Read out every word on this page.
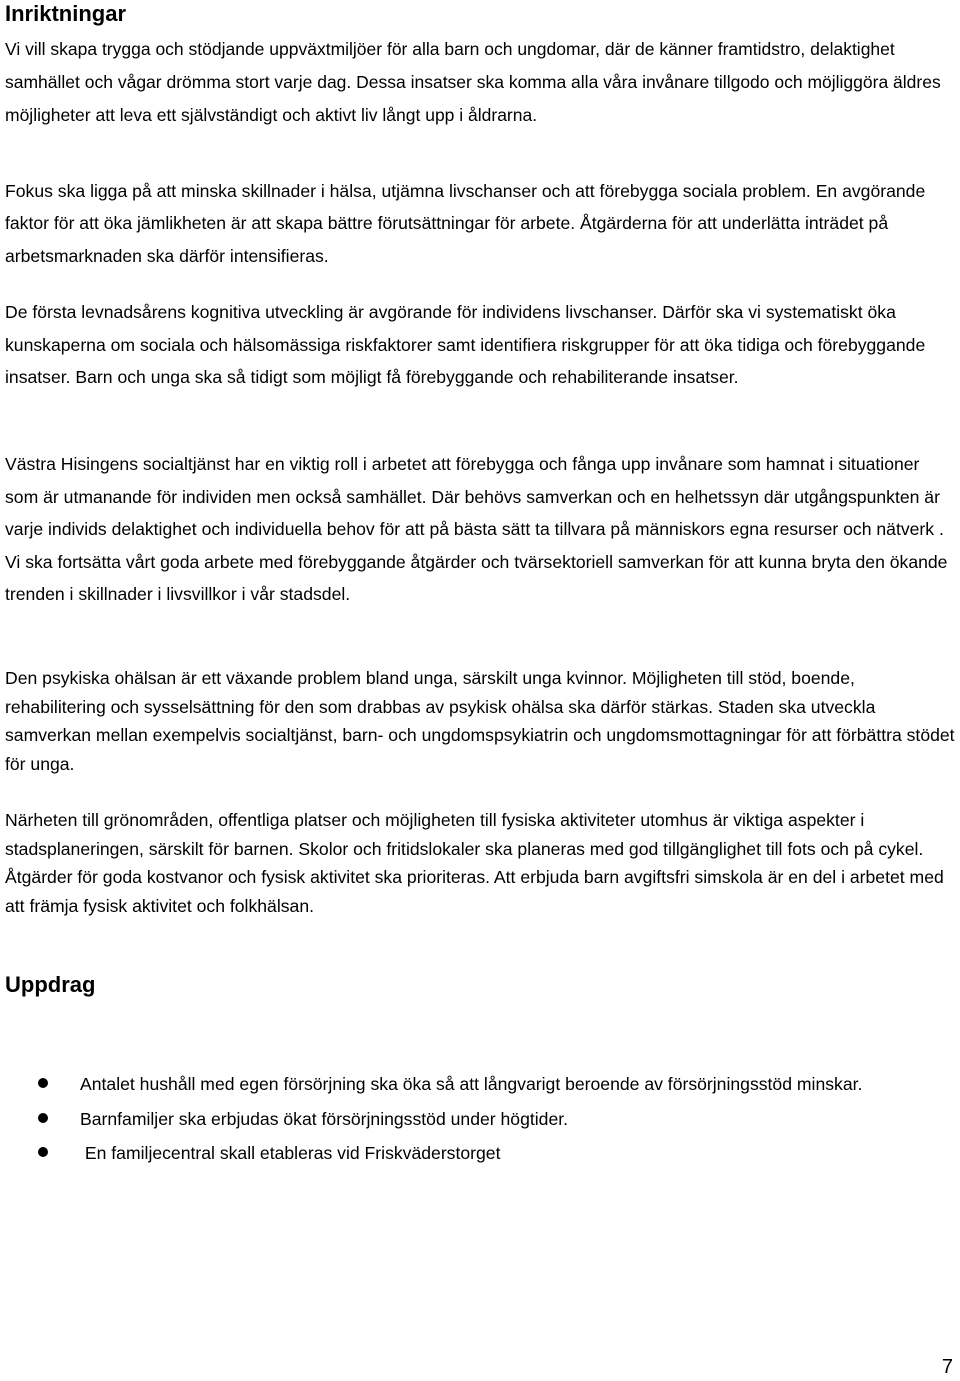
Inriktningar

Vi vill skapa trygga och stödjande uppväxtmiljöer för alla barn och ungdomar, där de känner framtidstro, delaktighet samhället och vågar drömma stort varje dag. Dessa insatser ska komma alla våra invånare tillgodo och möjliggöra äldres möjligheter att leva ett självständigt och aktivt liv långt upp i åldrarna.

Fokus ska ligga på att minska skillnader i hälsa, utjämna livschanser och att förebygga sociala problem. En avgörande faktor för att öka jämlikheten är att skapa bättre förutsättningar för arbete. Åtgärderna för att underlätta inträdet på arbetsmarknaden ska därför intensifieras.

De första levnadsårens kognitiva utveckling är avgörande för individens livschanser. Därför ska vi systematiskt öka kunskaperna om sociala och hälsomässiga riskfaktorer samt identifiera riskgrupper för att öka tidiga och förebyggande insatser. Barn och unga ska så tidigt som möjligt få förebyggande och rehabiliterande insatser.

Västra Hisingens socialtjänst har en viktig roll i arbetet att förebygga och fånga upp invånare som hamnat i situationer som är utmanande för individen men också samhället. Där behövs samverkan och en helhetssyn där utgångspunkten är varje individs delaktighet och individuella behov för att på bästa sätt ta tillvara på människors egna resurser och nätverk . Vi ska fortsätta vårt goda arbete med förebyggande åtgärder och tvärsektoriell samverkan för att kunna bryta den ökande trenden i skillnader i livsvillkor i vår stadsdel.

Den psykiska ohälsan är ett växande problem bland unga, särskilt unga kvinnor. Möjligheten till stöd, boende, rehabilitering och sysselsättning för den som drabbas av psykisk ohälsa ska därför stärkas. Staden ska utveckla samverkan mellan exempelvis socialtjänst, barn- och ungdomspsykiatrin och ungdomsmottagningar för att förbättra stödet för unga.

Närheten till grönområden, offentliga platser och möjligheten till fysiska aktiviteter utomhus är viktiga aspekter i stadsplaneringen, särskilt för barnen. Skolor och fritidslokaler ska planeras med god tillgänglighet till fots och på cykel. Åtgärder för goda kostvanor och fysisk aktivitet ska prioriteras. Att erbjuda barn avgiftsfri simskola är en del i arbetet med att främja fysisk aktivitet och folkhälsan.

Uppdrag
Antalet hushåll med egen försörjning ska öka så att långvarigt beroende av försörjningsstöd minskar.
Barnfamiljer ska erbjudas ökat försörjningsstöd under högtider.
En familjecentral skall etableras vid Friskväderstorget
7
